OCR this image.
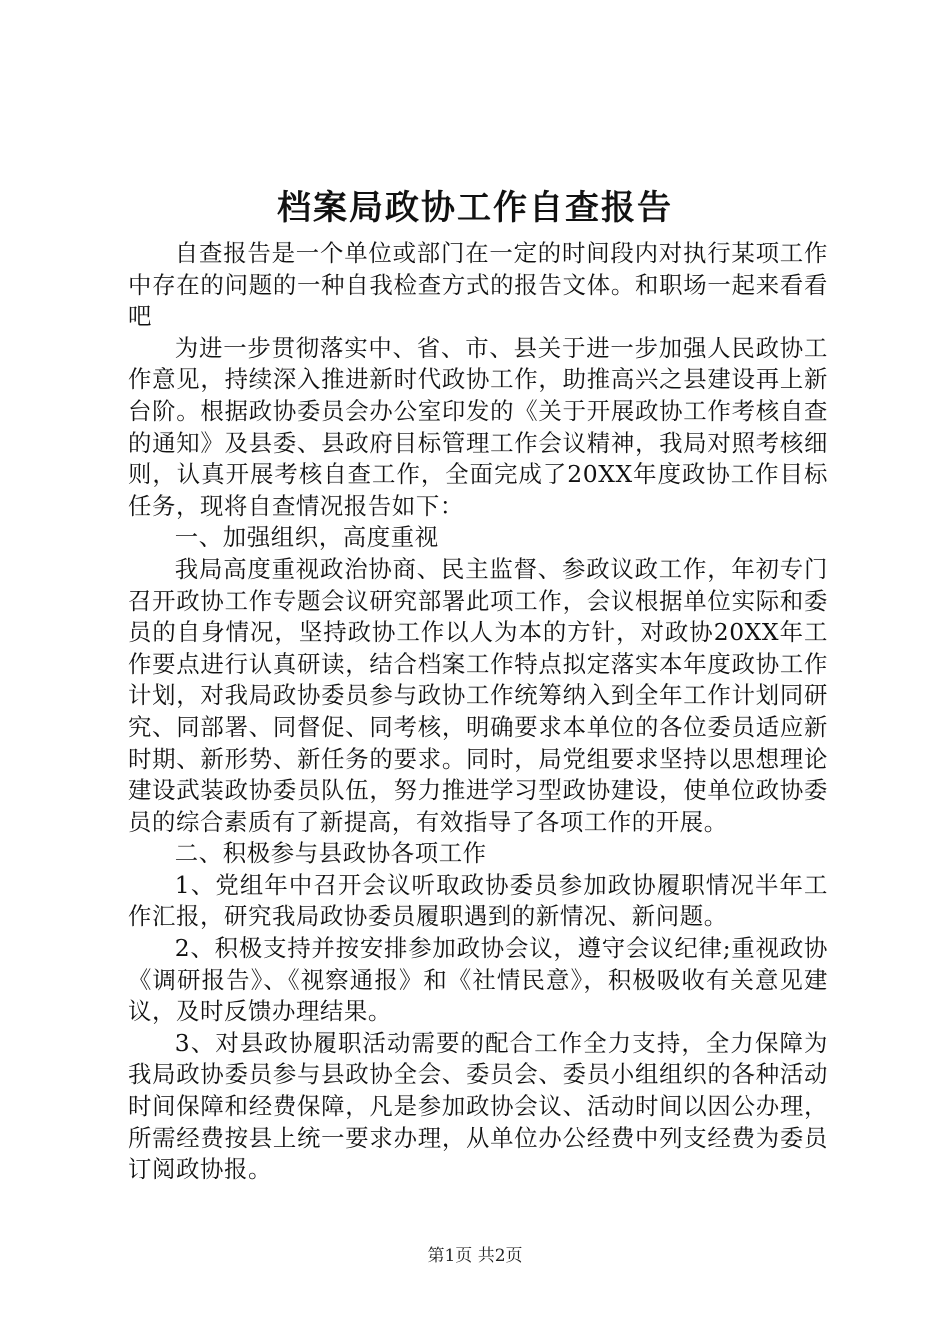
档案局政协工作自查报告

自查报告是一个单位或部门在一定的时间段内对执行某项工作中存在的问题的一种自我检查方式的报告文体。和职场一起来看看吧

为进一步贯彻落实中、省、市、县关于进一步加强人民政协工作意见，持续深入推进新时代政协工作，助推高兴之县建设再上新台阶。根据政协委员会办公室印发的《关于开展政协工作考核自查的通知》及县委、县政府目标管理工作会议精神，我局对照考核细则，认真开展考核自查工作，全面完成了20XX年度政协工作目标任务，现将自查情况报告如下：

一、加强组织，高度重视

我局高度重视政治协商、民主监督、参政议政工作，年初专门召开政协工作专题会议研究部署此项工作，会议根据单位实际和委员的自身情况，坚持政协工作以人为本的方针，对政协20XX年工作要点进行认真研读，结合档案工作特点拟定落实本年度政协工作计划，对我局政协委员参与政协工作统筹纳入到全年工作计划同研究、同部署、同督促、同考核，明确要求本单位的各位委员适应新时期、新形势、新任务的要求。同时，局党组要求坚持以思想理论建设武装政协委员队伍，努力推进学习型政协建设，使单位政协委员的综合素质有了新提高，有效指导了各项工作的开展。

二、积极参与县政协各项工作

1、党组年中召开会议听取政协委员参加政协履职情况半年工作汇报，研究我局政协委员履职遇到的新情况、新问题。

2、积极支持并按安排参加政协会议，遵守会议纪律;重视政协《调研报告》、《视察通报》和《社情民意》，积极吸收有关意见建议，及时反馈办理结果。

3、对县政协履职活动需要的配合工作全力支持，全力保障为我局政协委员参与县政协全会、委员会、委员小组组织的各种活动时间保障和经费保障，凡是参加政协会议、活动时间以因公办理，所需经费按县上统一要求办理，从单位办公经费中列支经费为委员订阅政协报。

第1页 共2页
